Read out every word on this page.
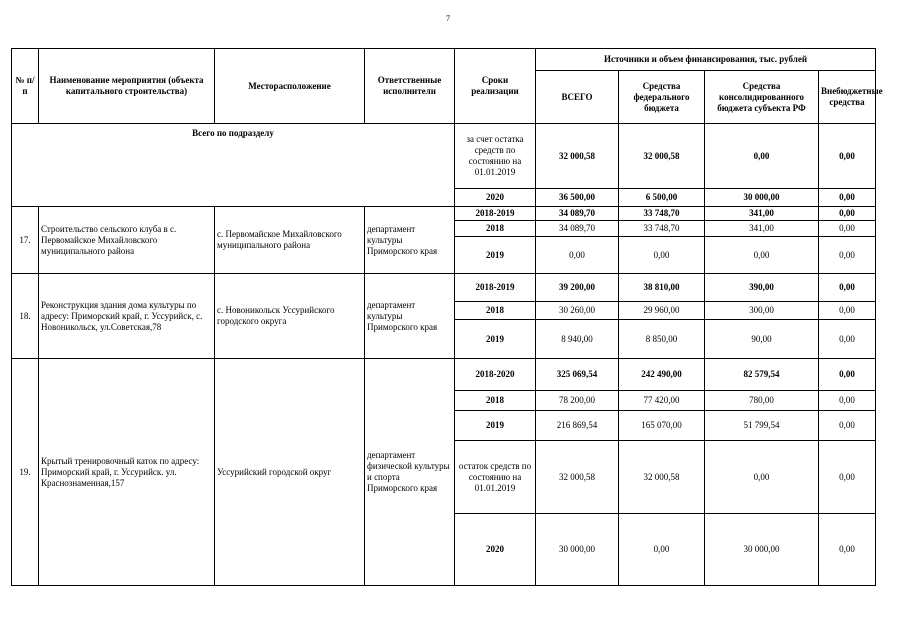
7
№ п/п	Наименование мероприятия (объекта капитального строительства)	Месторасположение	Ответственные исполнители	Сроки реализации	Источники и объем финансирования, тыс. рублей			
					ВСЕГО	Средства федерального бюджета	Средства консолидированного бюджета субъекта РФ	Внебюджетные средства
Всего по подразделу				за счет остатка средств по состоянию на 01.01.2019	32 000,58	32 000,58	0,00	0,00
				2020	36 500,00	6 500,00	30 000,00	0,00
17.	Строительство сельского клуба в с. Первомайское Михайловского муниципального района	с. Первомайское Михайловского муниципального района	департамент культуры Приморского края	2018-2019	34 089,70	33 748,70	341,00	0,00
				2018	34 089,70	33 748,70	341,00	0,00
				2019	0,00	0,00	0,00	0,00
18.	Реконструкция здания дома культуры по адресу: Приморский край, г. Уссурийск, с. Новоникольск, ул.Советская,78	с. Новоникольск Уссурийского городского округа	департамент культуры Приморского края	2018-2019	39 200,00	38 810,00	390,00	0,00
				2018	30 260,00	29 960,00	300,00	0,00
				2019	8 940,00	8 850,00	90,00	0,00
19.	Крытый тренировочный каток по адресу: Приморский край, г. Уссурийск. ул. Краснознаменная,157	Уссурийский городской округ	департамент физической культуры и спорта Приморского края	2018-2020	325 069,54	242 490,00	82 579,54	0,00
				2018	78 200,00	77 420,00	780,00	0,00
				2019	216 869,54	165 070,00	51 799,54	0,00
				остаток средств по состоянию на 01.01.2019	32 000,58	32 000,58	0,00	0,00
				2020	30 000,00	0,00	30 000,00	0,00
